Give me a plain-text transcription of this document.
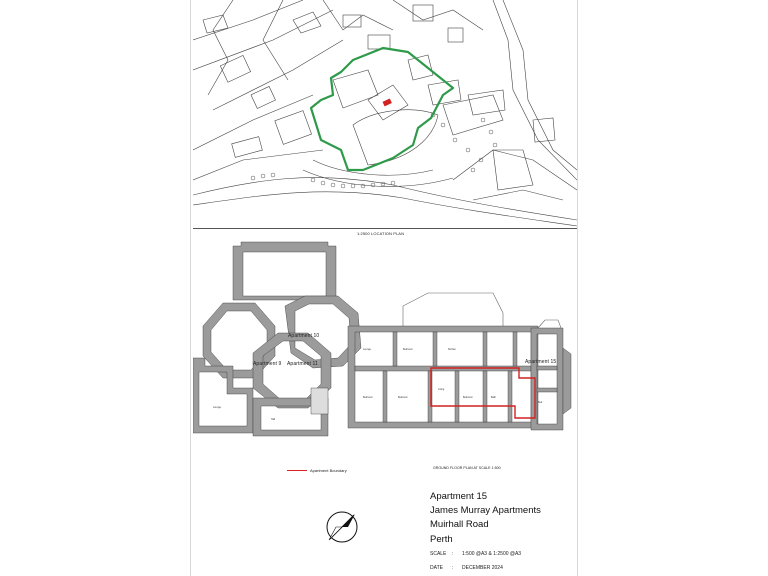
1:2500 LOCATION PLAN
Lounge	Bedroom	Kitchen
Bedroom	Bedroom
Living
Bedroom	Bath
Bed
Lounge
Hall
Apartment 10
Apartment 9 Apartment 11	Apartment 15
Apartment Boundary	GROUND FLOOR PLAN AT SCALE 1:500
Apartment 15
James Murray Apartments
Muirhall Road
Perth
SCALE : 1:500 @A3 & 1:2500 @A3
DATE : DECEMBER 2024
